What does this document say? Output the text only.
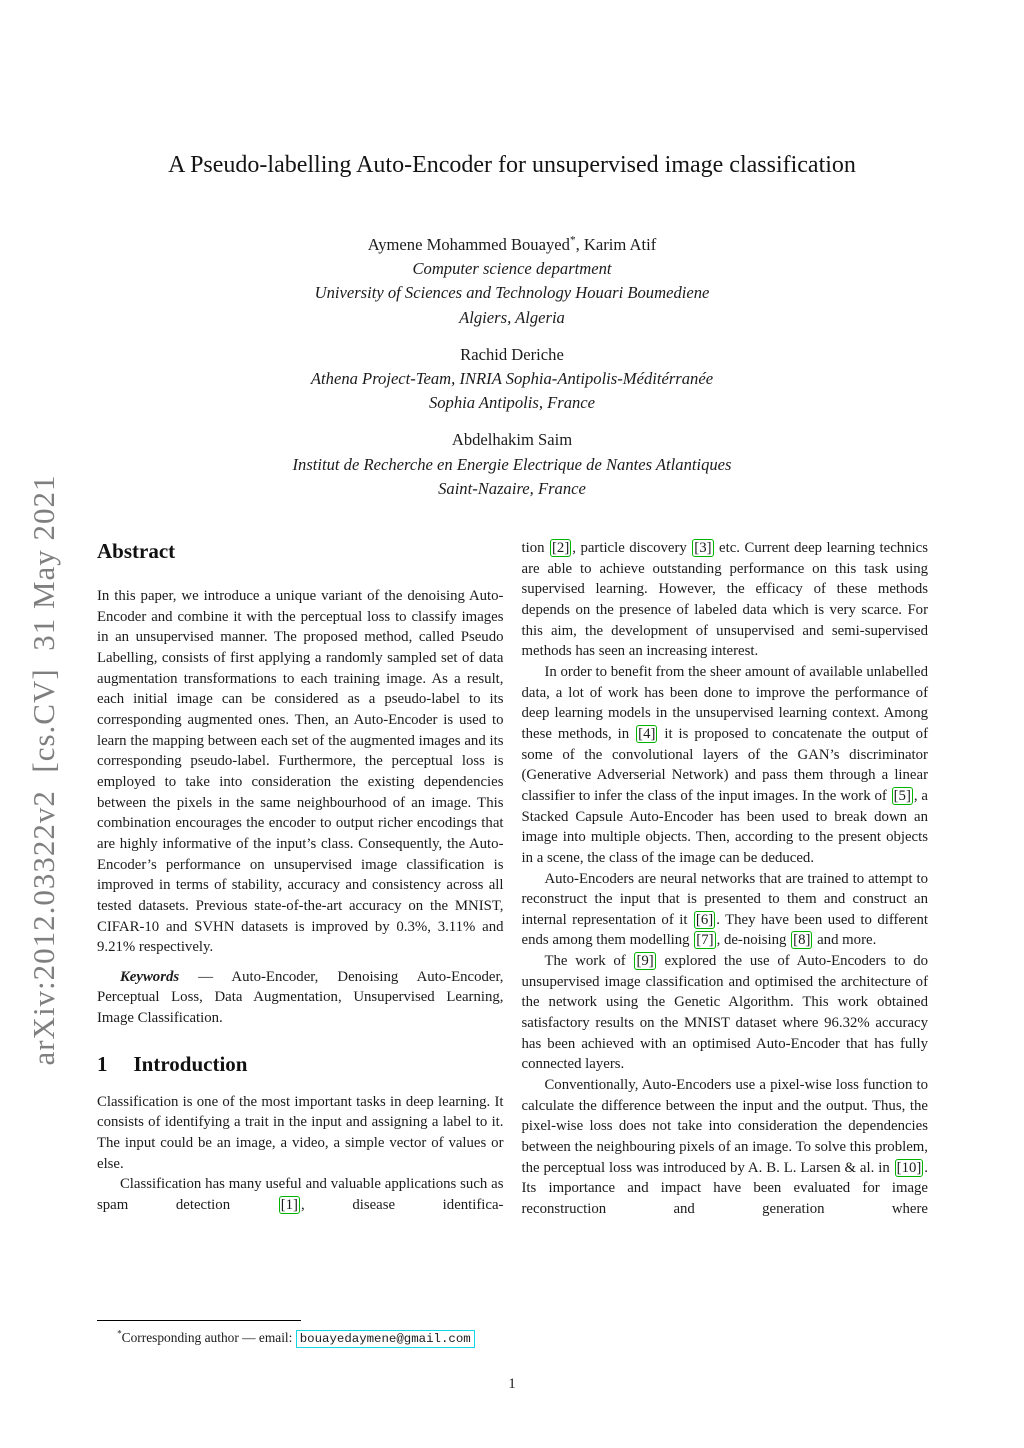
arXiv:2012.03322v2  [cs.CV]  31 May 2021
A Pseudo-labelling Auto-Encoder for unsupervised image classification
Aymene Mohammed Bouayed*, Karim Atif
Computer science department
University of Sciences and Technology Houari Boumediene
Algiers, Algeria
Rachid Deriche
Athena Project-Team, INRIA Sophia-Antipolis-Méditérranée
Sophia Antipolis, France
Abdelhakim Saim
Institut de Recherche en Energie Electrique de Nantes Atlantiques
Saint-Nazaire, France
Abstract

In this paper, we introduce a unique variant of the denoising Auto-Encoder and combine it with the perceptual loss to classify images in an unsupervised manner. The proposed method, called Pseudo Labelling, consists of first applying a randomly sampled set of data augmentation transformations to each training image. As a result, each initial image can be considered as a pseudo-label to its corresponding augmented ones. Then, an Auto-Encoder is used to learn the mapping between each set of the augmented images and its corresponding pseudo-label. Furthermore, the perceptual loss is employed to take into consideration the existing dependencies between the pixels in the same neighbourhood of an image. This combination encourages the encoder to output richer encodings that are highly informative of the input’s class. Consequently, the Auto-Encoder’s performance on unsupervised image classification is improved in terms of stability, accuracy and consistency across all tested datasets. Previous state-of-the-art accuracy on the MNIST, CIFAR-10 and SVHN datasets is improved by 0.3%, 3.11% and 9.21% respectively.

Keywords — Auto-Encoder, Denoising Auto-Encoder, Perceptual Loss, Data Augmentation, Unsupervised Learning, Image Classification.

1 Introduction

Classification is one of the most important tasks in deep learning. It consists of identifying a trait in the input and assigning a label to it. The input could be an image, a video, a simple vector of values or else.

Classification has many useful and valuable applications such as spam detection [1] , disease identifica-

tion [2] , particle discovery [3] etc. Current deep learning technics are able to achieve outstanding performance on this task using supervised learning. However, the efficacy of these methods depends on the presence of labeled data which is very scarce. For this aim, the development of unsupervised and semi-supervised methods has seen an increasing interest.

In order to benefit from the sheer amount of available unlabelled data, a lot of work has been done to improve the performance of deep learning models in the unsupervised learning context. Among these methods, in [4] it is proposed to concatenate the output of some of the convolutional layers of the GAN’s discriminator (Generative Adverserial Network) and pass them through a linear classifier to infer the class of the input images. In the work of [5] , a Stacked Capsule Auto-Encoder has been used to break down an image into multiple objects. Then, according to the present objects in a scene, the class of the image can be deduced.

Auto-Encoders are neural networks that are trained to attempt to reconstruct the input that is presented to them and construct an internal representation of it [6] . They have been used to different ends among them modelling [7] , de-noising [8] and more.

The work of [9] explored the use of Auto-Encoders to do unsupervised image classification and optimised the architecture of the network using the Genetic Algorithm. This work obtained satisfactory results on the MNIST dataset where 96.32% accuracy has been achieved with an optimised Auto-Encoder that has fully connected layers.

Conventionally, Auto-Encoders use a pixel-wise loss function to calculate the difference between the input and the output. Thus, the pixel-wise loss does not take into consideration the dependencies between the neighbouring pixels of an image. To solve this problem, the perceptual loss was introduced by A. B. L. Larsen & al. in [10] . Its importance and impact have been evaluated for image reconstruction and generation where

*Corresponding author — email: bouayedaymene@gmail.com

1
